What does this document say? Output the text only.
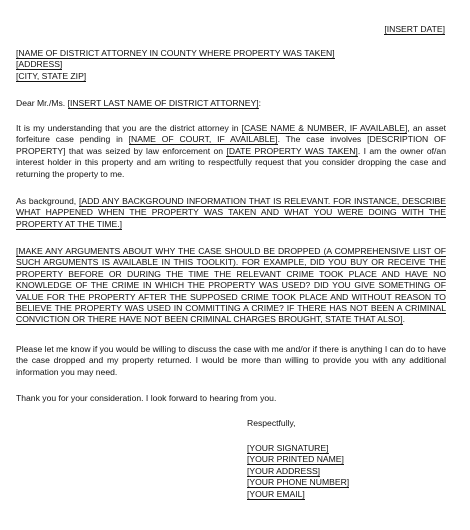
[INSERT DATE]
[NAME OF DISTRICT ATTORNEY IN COUNTY WHERE PROPERTY WAS TAKEN]
[ADDRESS]
[CITY, STATE ZIP]

Dear Mr./Ms. [INSERT LAST NAME OF DISTRICT ATTORNEY]:

It is my understanding that you are the district attorney in [CASE NAME & NUMBER, IF AVAILABLE], an asset forfeiture case pending in [NAME OF COURT, IF AVAILABLE]. The case involves [DESCRIPTION OF PROPERTY] that was seized by law enforcement on [DATE PROPERTY WAS TAKEN]. I am the owner of/an interest holder in this property and am writing to respectfully request that you consider dropping the case and returning the property to me.

As background, [ADD ANY BACKGROUND INFORMATION THAT IS RELEVANT. FOR INSTANCE, DESCRIBE WHAT HAPPENED WHEN THE PROPERTY WAS TAKEN AND WHAT YOU WERE DOING WITH THE PROPERTY AT THE TIME.]

[MAKE ANY ARGUMENTS ABOUT WHY THE CASE SHOULD BE DROPPED (A COMPREHENSIVE LIST OF SUCH ARGUMENTS IS AVAILABLE IN THIS TOOLKIT). FOR EXAMPLE, DID YOU BUY OR RECEIVE THE PROPERTY BEFORE OR DURING THE TIME THE RELEVANT CRIME TOOK PLACE AND HAVE NO KNOWLEDGE OF THE CRIME IN WHICH THE PROPERTY WAS USED? DID YOU GIVE SOMETHING OF VALUE FOR THE PROPERTY AFTER THE SUPPOSED CRIME TOOK PLACE AND WITHOUT REASON TO BELIEVE THE PROPERTY WAS USED IN COMMITTING A CRIME? IF THERE HAS NOT BEEN A CRIMINAL CONVICTION OR THERE HAVE NOT BEEN CRIMINAL CHARGES BROUGHT, STATE THAT ALSO].

Please let me know if you would be willing to discuss the case with me and/or if there is anything I can do to have the case dropped and my property returned. I would be more than willing to provide you with any additional information you may need.

Thank you for your consideration. I look forward to hearing from you.

Respectfully,
[YOUR SIGNATURE]
[YOUR PRINTED NAME]
[YOUR ADDRESS]
[YOUR PHONE NUMBER]
[YOUR EMAIL]
